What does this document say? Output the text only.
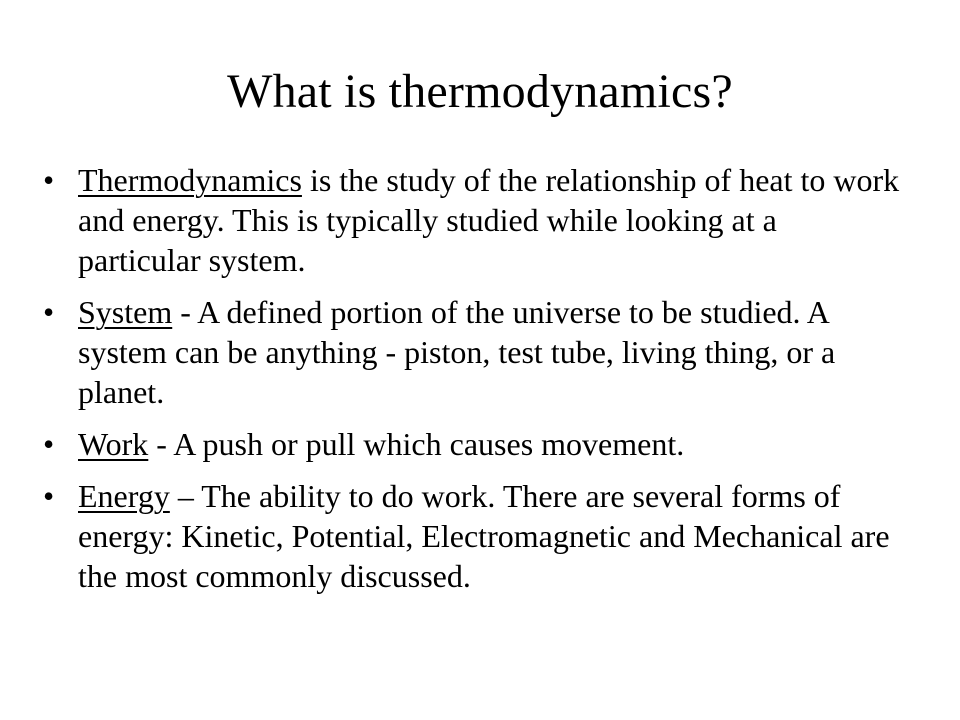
What is thermodynamics?
• Thermodynamics is the study of the relationship of heat to work and energy. This is typically studied while looking at a particular system.
• System - A defined portion of the universe to be studied. A system can be anything - piston, test tube, living thing, or a planet.
• Work - A push or pull which causes movement.
• Energy – The ability to do work. There are several forms of energy: Kinetic, Potential, Electromagnetic and Mechanical are the most commonly discussed.
